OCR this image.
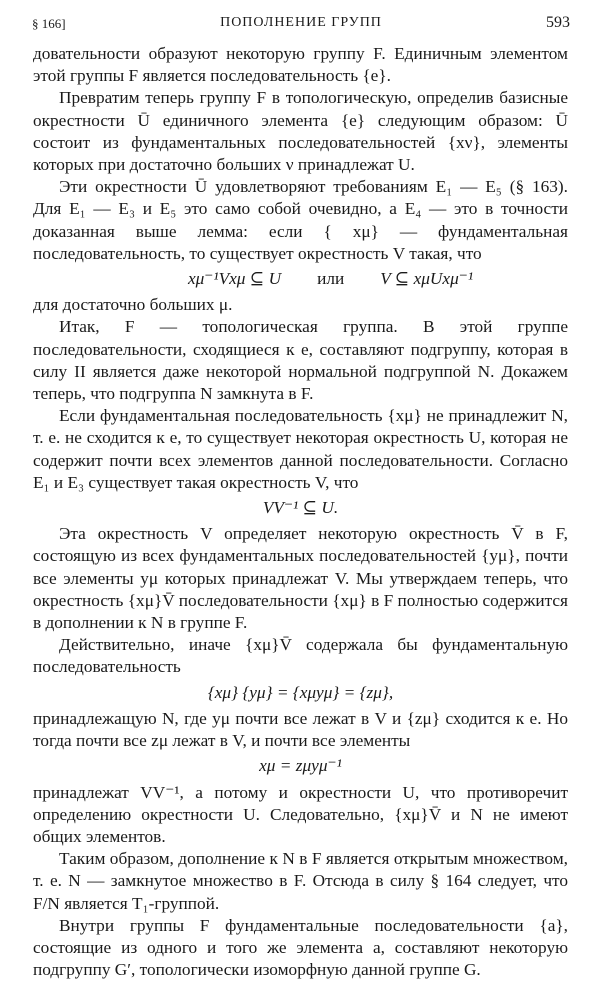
§ 166]	ПОПОЛНЕНИЕ ГРУПП	593

довательности образуют некоторую группу F. Единичным элементом этой группы F является последовательность {e}.

Превратим теперь группу F в топологическую, определив базисные окрестности Ū единичного элемента {e} следующим образом: Ū состоит из фундаментальных последовательностей {xν}, элементы которых при достаточно больших ν принадлежат U.

Эти окрестности Ū удовлетворяют требованиям E₁ — E₅ (§ 163). Для E₁ — E₃ и E₅ это само собой очевидно, а E₄ — это в точности доказанная выше лемма: если { xμ} — фундаментальная последовательность, то существует окрестность V такая, что

xμ⁻¹Vxμ ⊆ U или V ⊆ xμUxμ⁻¹

для достаточно больших μ.

Итак, F — топологическая группа. В этой группе последовательности, сходящиеся к e, составляют подгруппу, которая в силу II является даже некоторой нормальной подгруппой N. Докажем теперь, что подгруппа N замкнута в F.

Если фундаментальная последовательность {xμ} не принадлежит N, т. е. не сходится к e, то существует некоторая окрестность U, которая не содержит почти всех элементов данной последовательности. Согласно E₁ и E₃ существует такая окрестность V, что

VV⁻¹ ⊆ U.

Эта окрестность V определяет некоторую окрестность V̄ в F, состоящую из всех фундаментальных последовательностей {yμ}, почти все элементы yμ которых принадлежат V. Мы утверждаем теперь, что окрестность {xμ}V̄ последовательности {xμ} в F полностью содержится в дополнении к N в группе F.

Действительно, иначе {xμ}V̄ содержала бы фундаментальную последовательность

{xμ} {yμ} = {xμyμ} = {zμ},

принадлежащую N, где yμ почти все лежат в V и {zμ} сходится к e. Но тогда почти все zμ лежат в V, и почти все элементы

xμ = zμyμ⁻¹

принадлежат VV⁻¹, а потому и окрестности U, что противоречит определению окрестности U. Следовательно, {xμ}V̄ и N не имеют общих элементов.

Таким образом, дополнение к N в F является открытым множеством, т. е. N — замкнутое множество в F. Отсюда в силу § 164 следует, что F/N является T₁-группой.

Внутри группы F фундаментальные последовательности {a}, состоящие из одного и того же элемента a, составляют некоторую подгруппу G′, топологически изоморфную данной группе G.
